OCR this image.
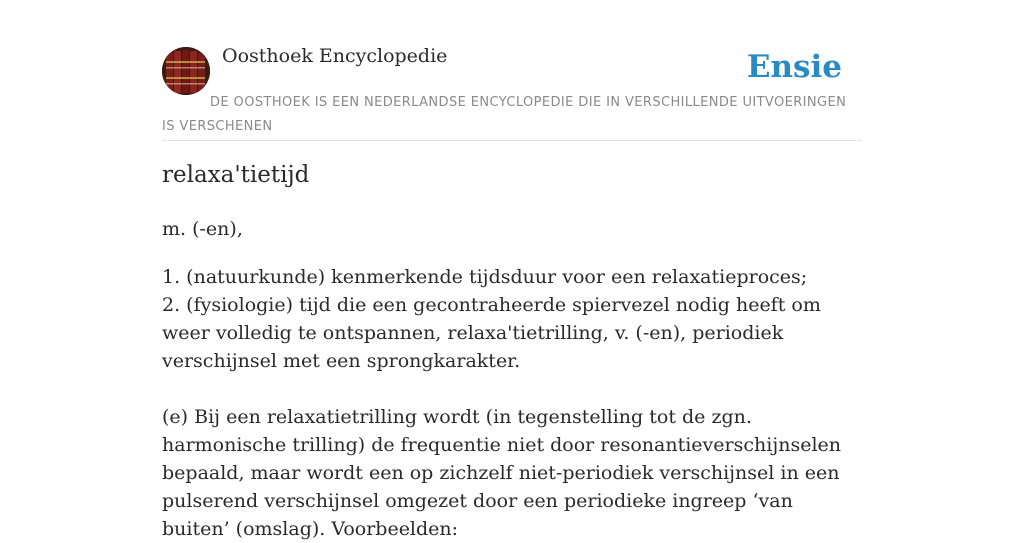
Oosthoek Encyclopedie	Ensie
DE OOSTHOEK IS EEN NEDERLANDSE ENCYCLOPEDIE DIE IN VERSCHILLENDE UITVOERINGEN IS VERSCHENEN
relaxa'tietijd
m. (-en),

1. (natuurkunde) kenmerkende tijdsduur voor een relaxatieproces;

2. (fysiologie) tijd die een gecontraheerde spiervezel nodig heeft om weer volledig te ontspannen, relaxa'tietrilling, v. (-en), periodiek verschijnsel met een sprongkarakter.

(e) Bij een relaxatietrilling wordt (in tegenstelling tot de zgn. harmonische trilling) de frequentie niet door resonantieverschijnselen bepaald, maar wordt een op zichzelf niet-periodiek verschijnsel in een pulserend verschijnsel omgezet door een periodieke ingreep ‘van buiten’ (omslag). Voorbeelden:
